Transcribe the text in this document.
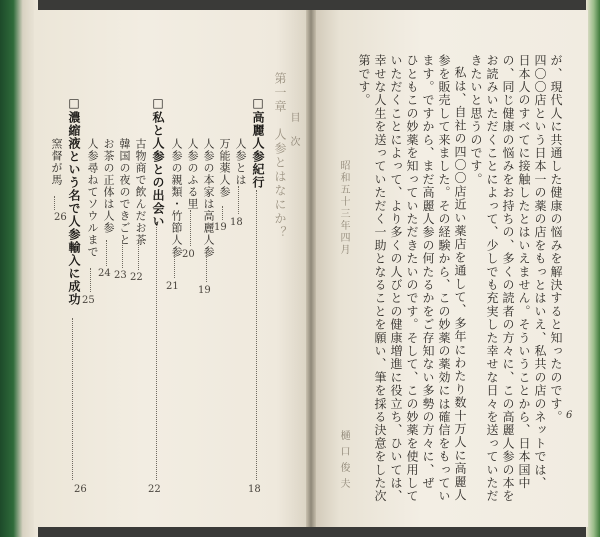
が、現代人に共通した健康の悩みを解決すると知ったのです。
四〇〇店という日本一の薬の店をもっとはいえ、私共の店のネットでは、
日本人のすべてに接触したとはいえません。そういうことから、日本国中
の、同じ健康の悩みをお持ちの、多くの読者の方々に、この高麗人参の本を
お読みいただくことによって、少しでも充実した幸せな日々を送っていただ
きたいと思うのです。
私は、自社の四〇〇店近い薬店を通して、多年にわたり数十万人に高麗人
参を販売して来ました。その経験から、この妙薬の薬効には確信をもってい
ます。ですから、まだ高麗人参の何たるかをご存知ない多勢の方々に、ぜ
ひともこの妙薬を知っていただきたいのです。そして、この妙薬を使用して
いただくことによって、より多くの人びとの健康増進に役立ち、ひいては、
幸せな人生を送っていただく一助となることを願い、筆を採る決意をした次
第です。
昭和五十三年四月
樋口俊夫
6
第一章　人参とはなにか？ 目　次
□高麗人参紀行
18
人参とは
18
万能薬人参
19
人参の本家は高麗人参
19
人参のふる里
20
人参の親類・竹節人参
21
□私と人参との出会い
22
古物商で飲んだお茶
22
韓国の夜のできごと
23
お茶の正体は人参
24
人参尋ねてソウルまで
25
□濃縮液という名で人参輸入に成功
26
窯督が馬
26
